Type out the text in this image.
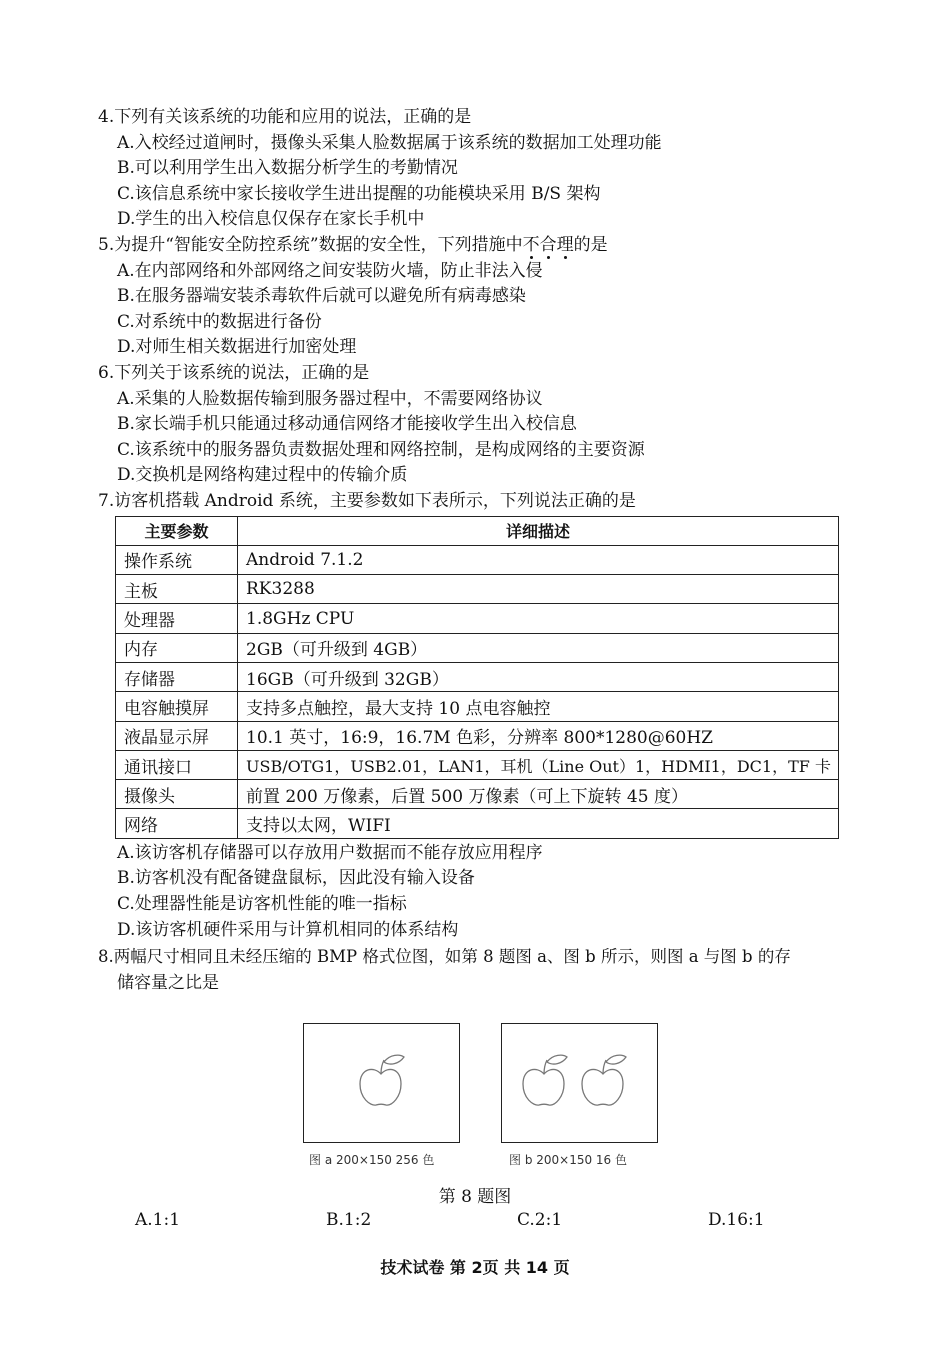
4.下列有关该系统的功能和应用的说法，正确的是
A.入校经过道闸时，摄像头采集人脸数据属于该系统的数据加工处理功能
B.可以利用学生出入数据分析学生的考勤情况
C.该信息系统中家长接收学生进出提醒的功能模块采用 B/S 架构
D.学生的出入校信息仅保存在家长手机中
5.为提升“智能安全防控系统”数据的安全性，下列措施中不合理的是
A.在内部网络和外部网络之间安装防火墙，防止非法入侵
B.在服务器端安装杀毒软件后就可以避免所有病毒感染
C.对系统中的数据进行备份
D.对师生相关数据进行加密处理
6.下列关于该系统的说法，正确的是
A.采集的人脸数据传输到服务器过程中，不需要网络协议
B.家长端手机只能通过移动通信网络才能接收学生出入校信息
C.该系统中的服务器负责数据处理和网络控制，是构成网络的主要资源
D.交换机是网络构建过程中的传输介质
7.访客机搭载 Android 系统，主要参数如下表所示，下列说法正确的是
主要参数	详细描述
操作系统	Android 7.1.2
主板	RK3288
处理器	1.8GHz CPU
内存	2GB（可升级到 4GB）
存储器	16GB（可升级到 32GB）
电容触摸屏	支持多点触控，最大支持 10 点电容触控
液晶显示屏	10.1 英寸，16:9，16.7M 色彩，分辨率 800*1280@60HZ
通讯接口	USB/OTG1，USB2.01，LAN1，耳机（Line Out）1，HDMI1，DC1，TF 卡
摄像头	前置 200 万像素，后置 500 万像素（可上下旋转 45 度）
网络	支持以太网，WIFI
A.该访客机存储器可以存放用户数据而不能存放应用程序
B.访客机没有配备键盘鼠标，因此没有输入设备
C.处理器性能是访客机性能的唯一指标
D.该访客机硬件采用与计算机相同的体系结构
8.两幅尺寸相同且未经压缩的 BMP 格式位图，如第 8 题图 a、图 b 所示，则图 a 与图 b 的存
储容量之比是
图 a 200×150 256 色	图 b 200×150 16 色
第 8 题图
A.1:1	B.1:2	C.2:1	D.16:1
技术试卷 第 2页 共 14 页
